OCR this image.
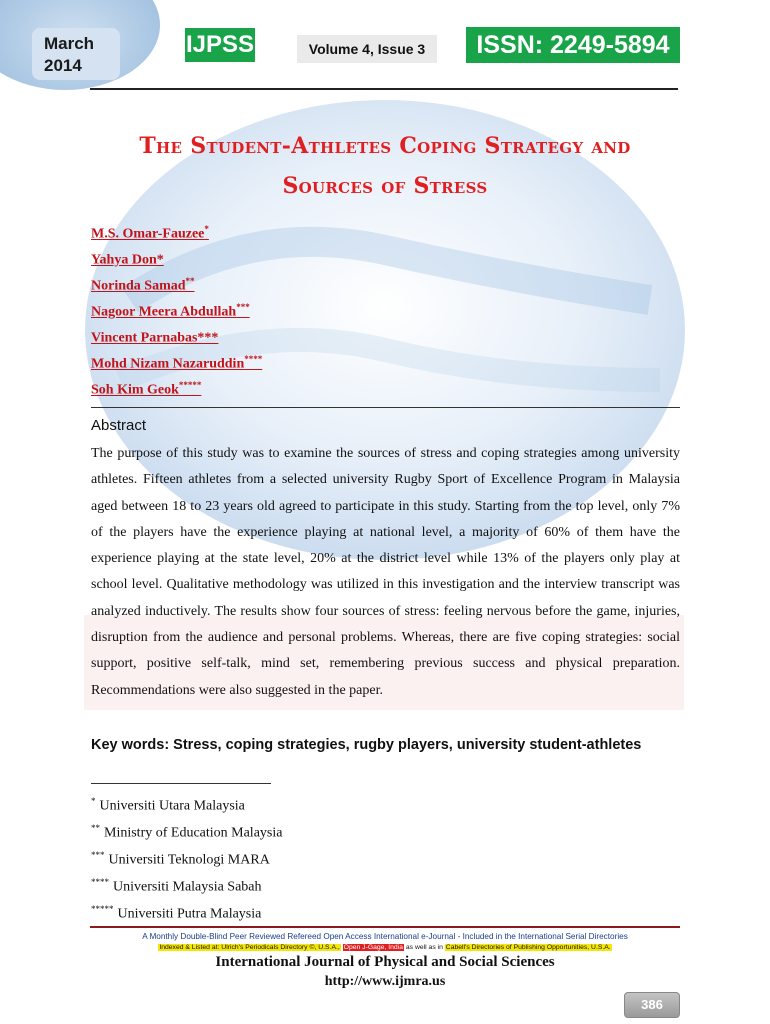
March 2014
IJPSS	Volume 4, Issue 3	ISSN: 2249-5894
The Student-Athletes Coping Strategy and
Sources of Stress
M.S. Omar-Fauzee*
Yahya Don*
Norinda Samad**
Nagoor Meera Abdullah***
Vincent Parnabas***
Mohd Nizam Nazaruddin****
Soh Kim Geok*****
Abstract
The purpose of this study was to examine the sources of stress and coping strategies among university athletes. Fifteen athletes from a selected university Rugby Sport of Excellence Program in Malaysia aged between 18 to 23 years old agreed to participate in this study. Starting from the top level, only 7% of the players have the experience playing at national level, a majority of 60% of them have the experience playing at the state level, 20% at the district level while 13% of the players only play at school level. Qualitative methodology was utilized in this investigation and the interview transcript was analyzed inductively. The results show four sources of stress: feeling nervous before the game, injuries, disruption from the audience and personal problems. Whereas, there are five coping strategies: social support, positive self-talk, mind set, remembering previous success and physical preparation. Recommendations were also suggested in the paper.
Key words: Stress, coping strategies, rugby players, university student-athletes
* Universiti Utara Malaysia
** Ministry of Education Malaysia
*** Universiti Teknologi MARA
**** Universiti Malaysia Sabah
***** Universiti Putra Malaysia
A Monthly Double-Blind Peer Reviewed Refereed Open Access International e-Journal - Included in the International Serial Directories
Indexed & Listed at: Ulrich's Periodicals Directory ©, U.S.A., Open J-Gage, India as well as in Cabell's Directories of Publishing Opportunities, U.S.A.
International Journal of Physical and Social Sciences
http://www.ijmra.us
386
